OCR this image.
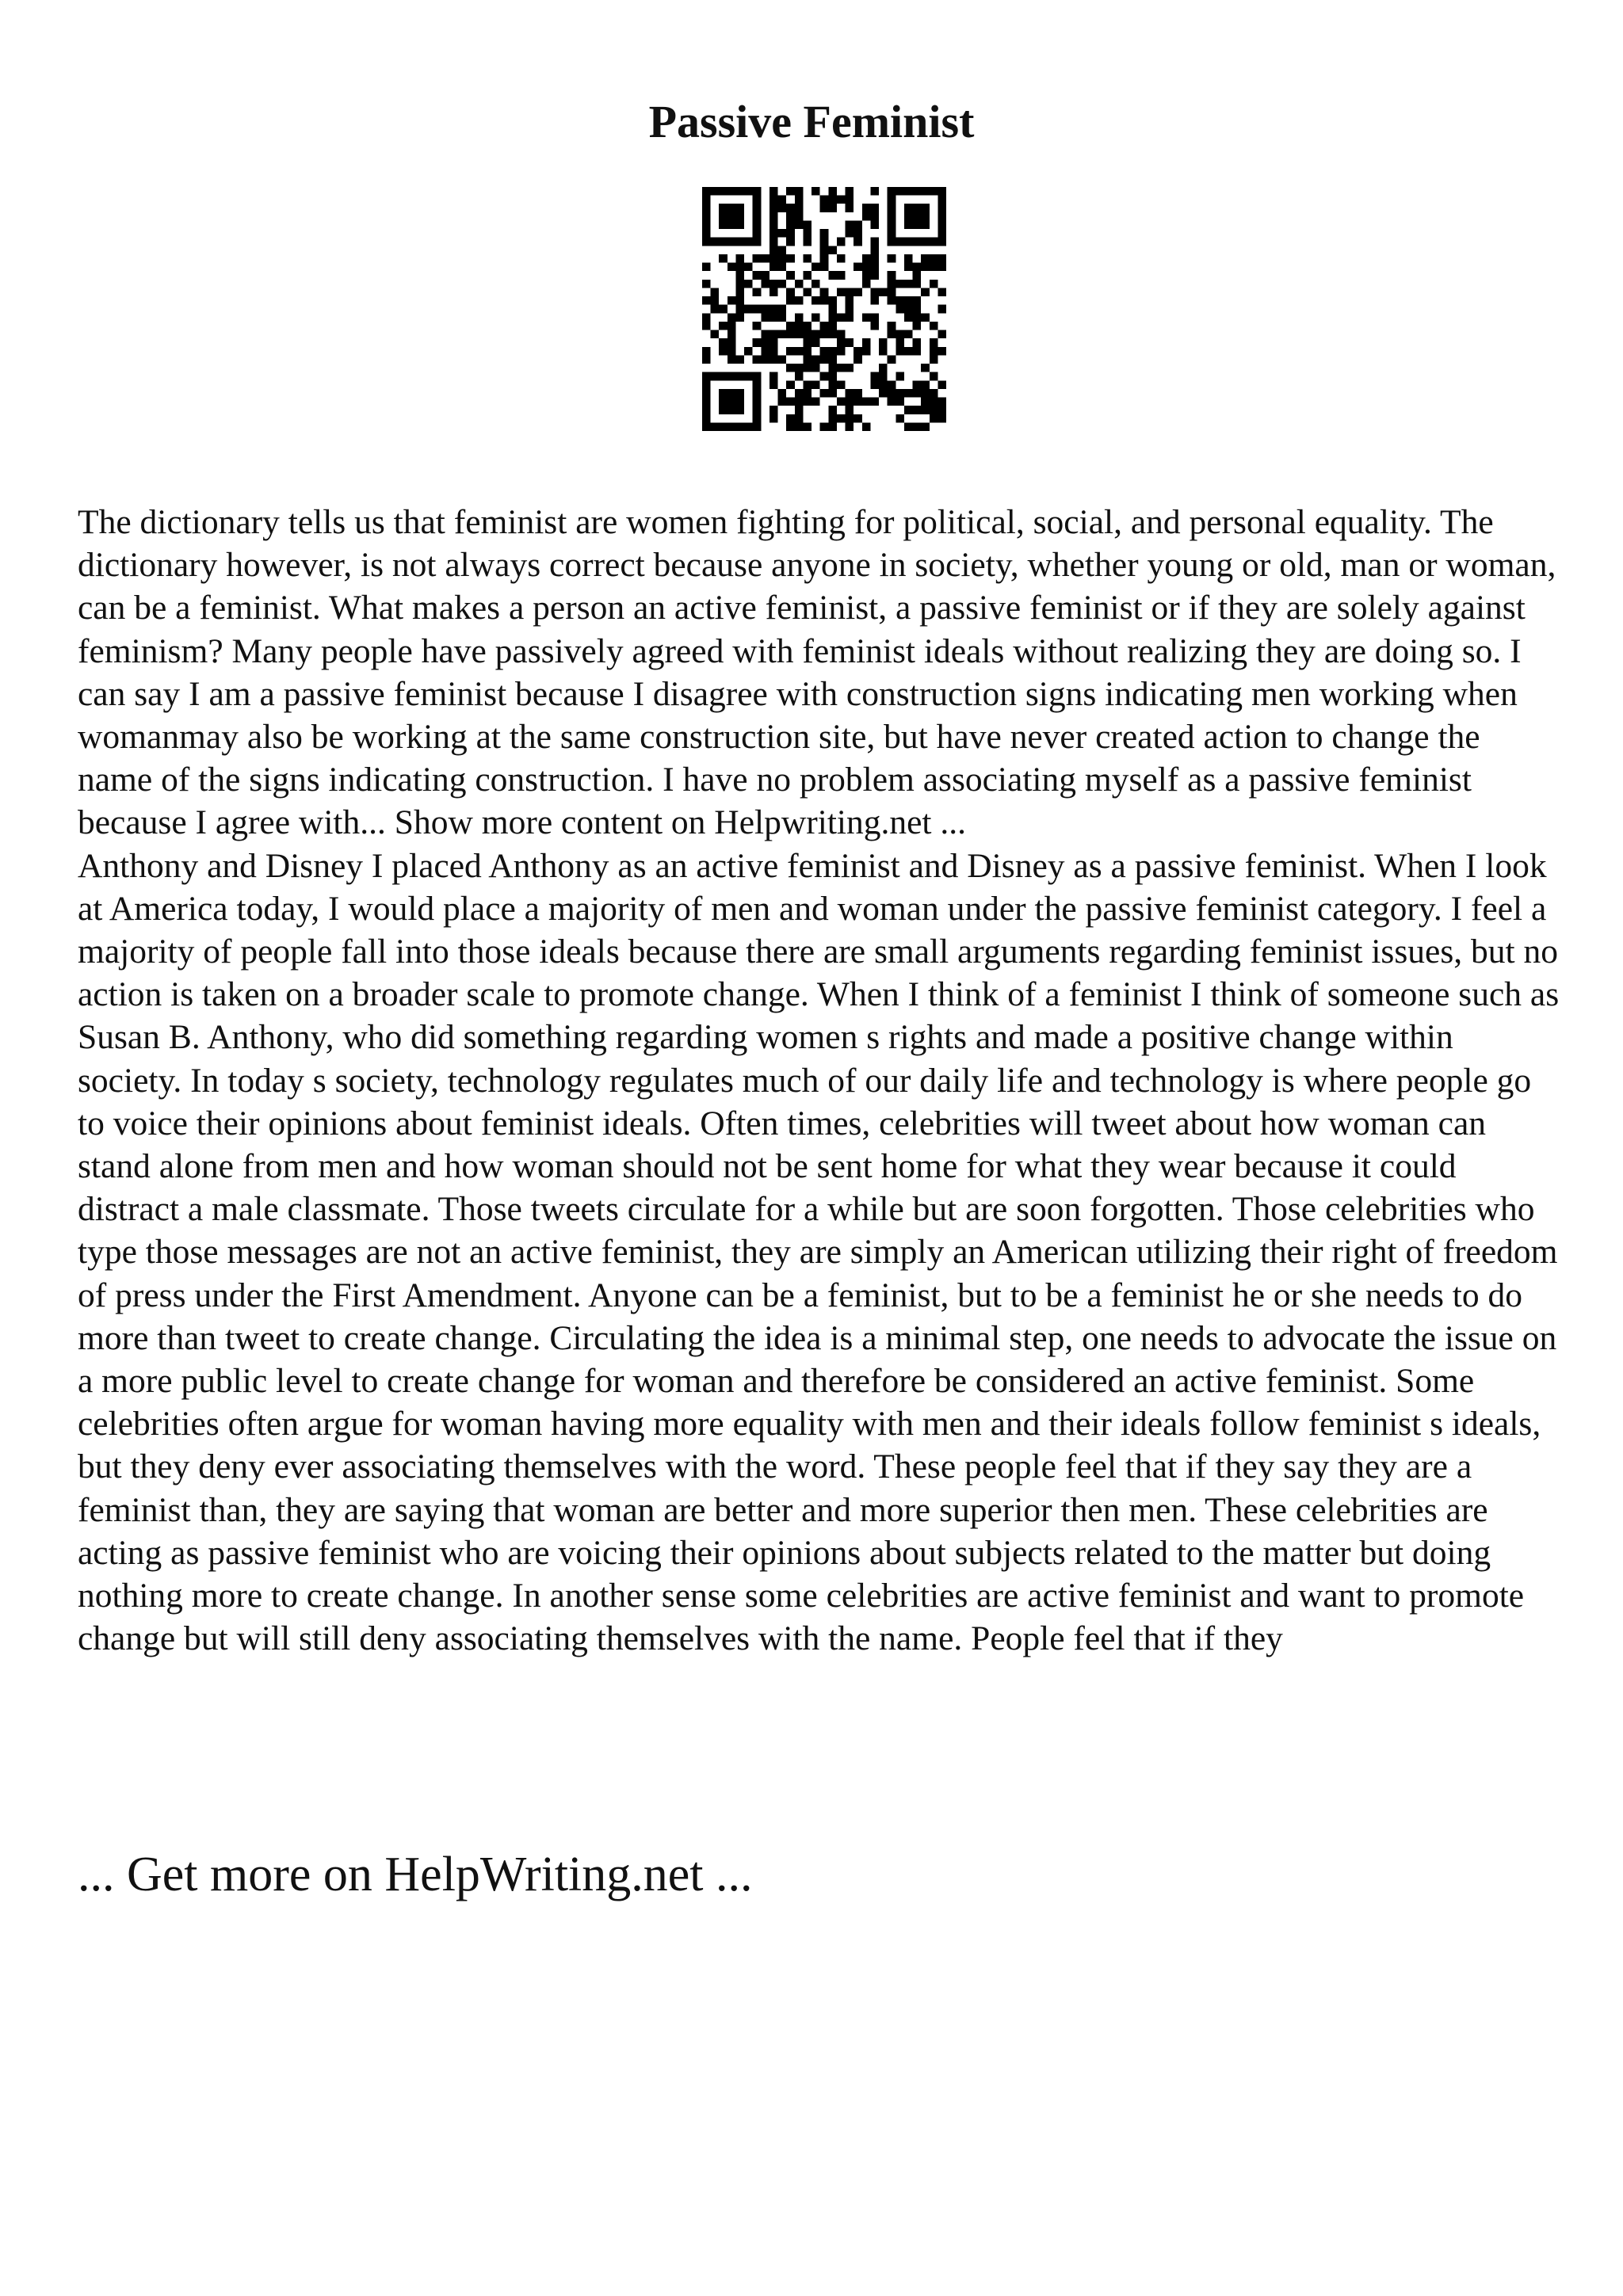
Passive Feminist

The dictionary tells us that feminist are women fighting for political, social, and personal equality. The dictionary however, is not always correct because anyone in society, whether young or old, man or woman, can be a feminist. What makes a person an active feminist, a passive feminist or if they are solely against feminism? Many people have passively agreed with feminist ideals without realizing they are doing so. I can say I am a passive feminist because I disagree with construction signs indicating men working when womanmay also be working at the same construction site, but have never created action to change the name of the signs indicating construction. I have no problem associating myself as a passive feminist because I agree with... Show more content on Helpwriting.net ...

Anthony and Disney I placed Anthony as an active feminist and Disney as a passive feminist. When I look at America today, I would place a majority of men and woman under the passive feminist category. I feel a majority of people fall into those ideals because there are small arguments regarding feminist issues, but no action is taken on a broader scale to promote change. When I think of a feminist I think of someone such as Susan B. Anthony, who did something regarding women s rights and made a positive change within society. In today s society, technology regulates much of our daily life and technology is where people go to voice their opinions about feminist ideals. Often times, celebrities will tweet about how woman can stand alone from men and how woman should not be sent home for what they wear because it could distract a male classmate. Those tweets circulate for a while but are soon forgotten. Those celebrities who type those messages are not an active feminist, they are simply an American utilizing their right of freedom of press under the First Amendment. Anyone can be a feminist, but to be a feminist he or she needs to do more than tweet to create change. Circulating the idea is a minimal step, one needs to advocate the issue on a more public level to create change for woman and therefore be considered an active feminist. Some celebrities often argue for woman having more equality with men and their ideals follow feminist s ideals, but they deny ever associating themselves with the word. These people feel that if they say they are a feminist than, they are saying that woman are better and more superior then men. These celebrities are acting as passive feminist who are voicing their opinions about subjects related to the matter but doing nothing more to create change. In another sense some celebrities are active feminist and want to promote change but will still deny associating themselves with the name. People feel that if they

... Get more on HelpWriting.net ...
